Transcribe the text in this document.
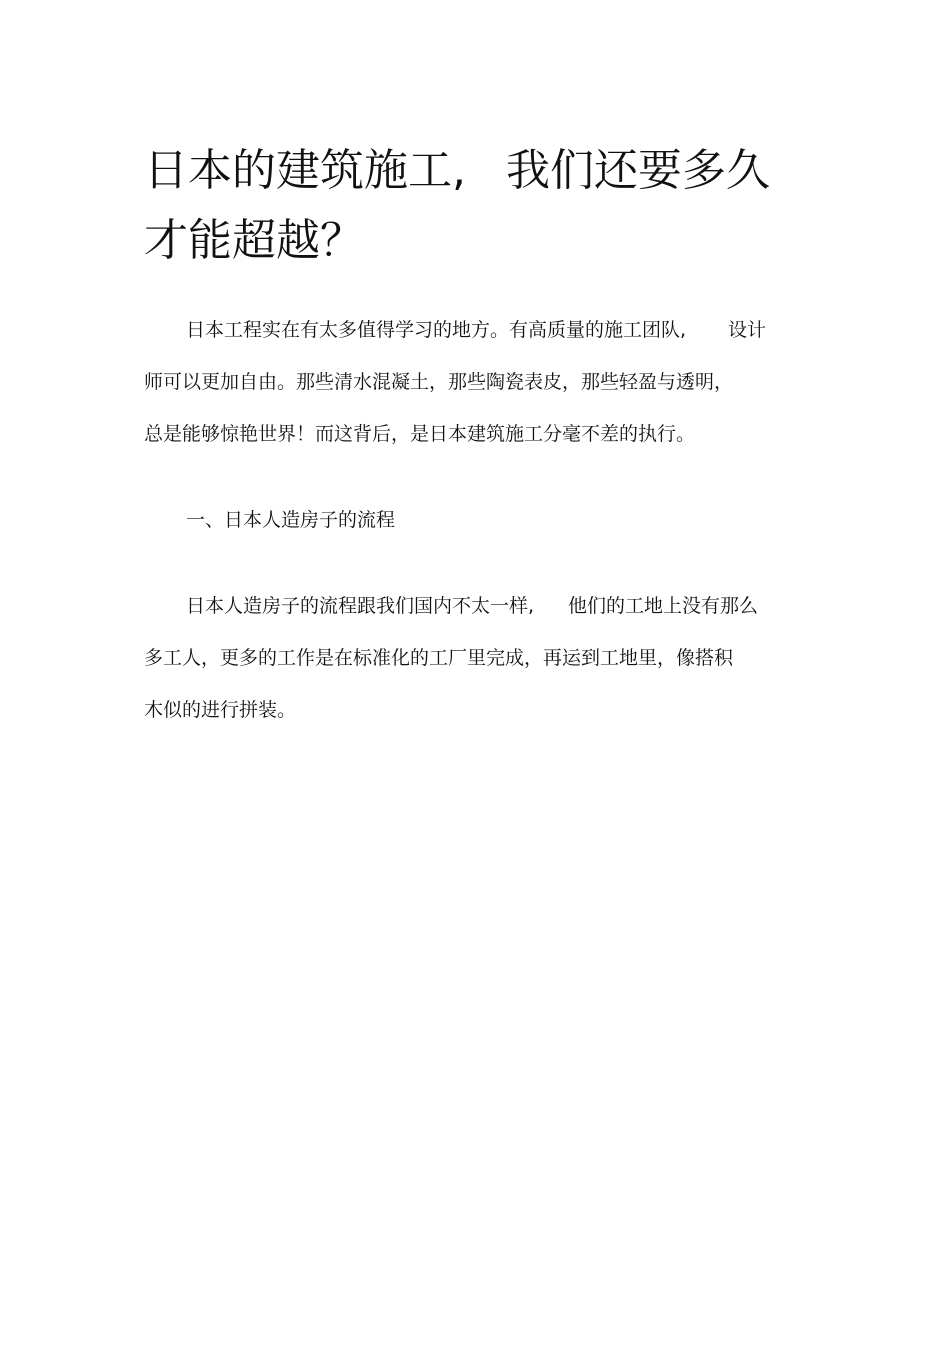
日本的建筑施工, 我们还要多久
才能超越？

日本工程实在有太多值得学习的地方。有高质量的施工团队, 设计
师可以更加自由。那些清水混凝土，那些陶瓷表皮，那些轻盈与透明，
总是能够惊艳世界！而这背后，是日本建筑施工分毫不差的执行。

一、日本人造房子的流程

日本人造房子的流程跟我们国内不太一样, 他们的工地上没有那么
多工人，更多的工作是在标准化的工厂里完成，再运到工地里，像搭积
木似的进行拼装。
